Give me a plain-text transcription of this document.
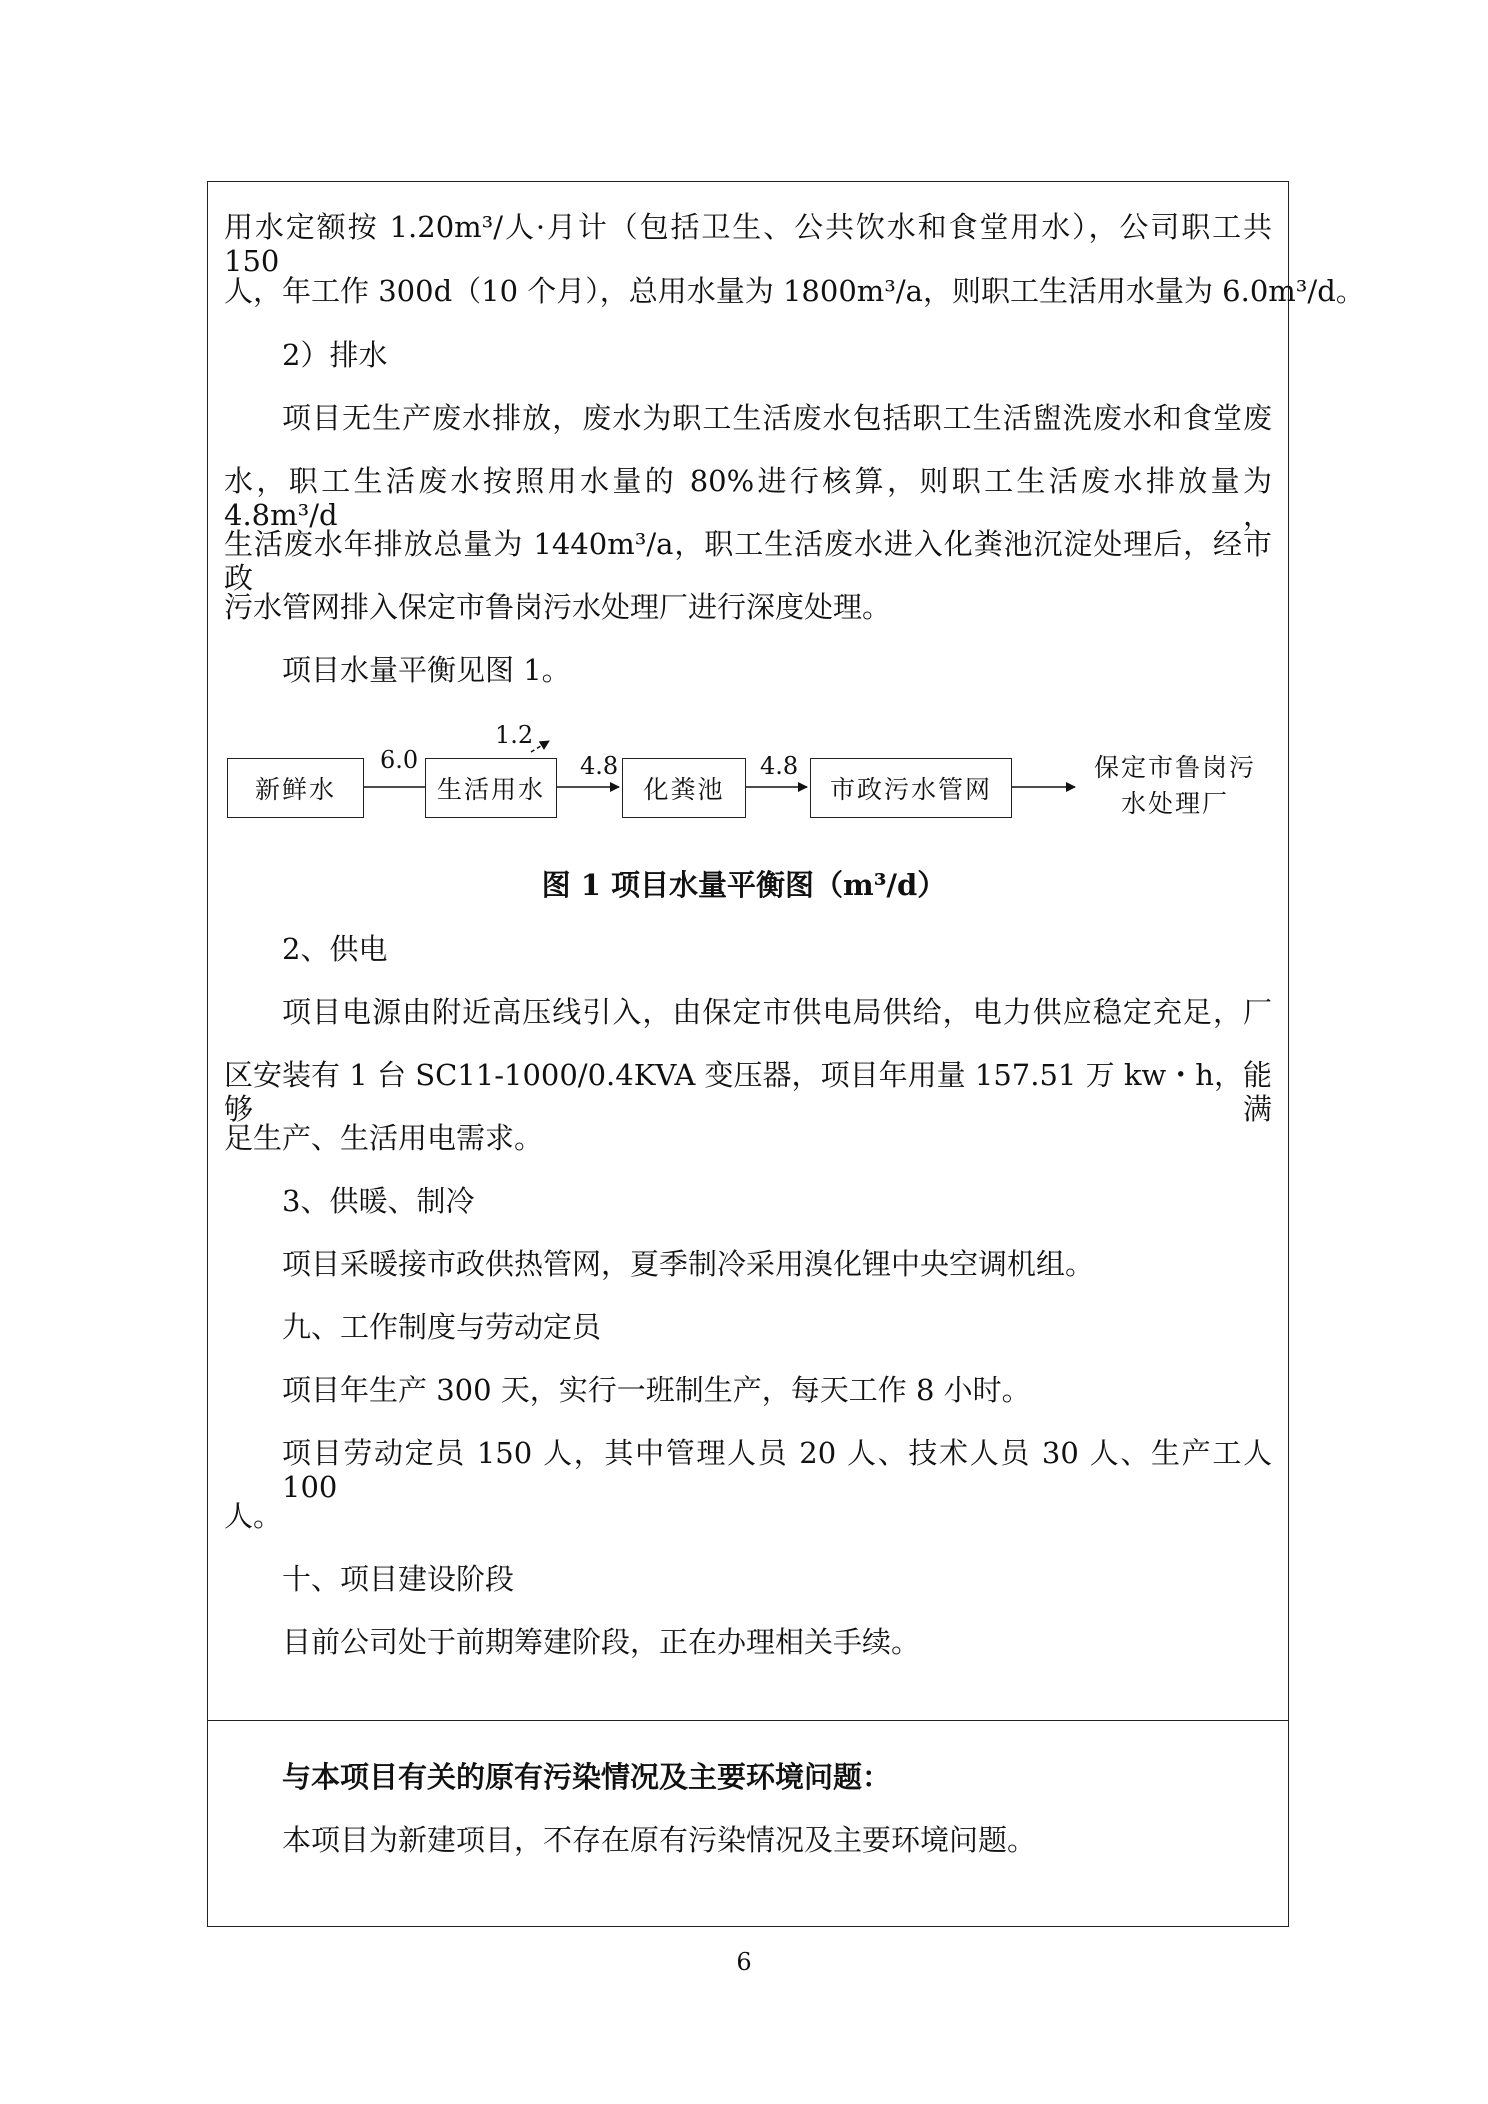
用水定额按 1.20m³/人·月计（包括卫生、公共饮水和食堂用水），公司职工共 150
人，年工作 300d（10 个月），总用水量为 1800m³/a，则职工生活用水量为 6.0m³/d。
2）排水
项目无生产废水排放，废水为职工生活废水包括职工生活盥洗废水和食堂废
水，职工生活废水按照用水量的 80%进行核算，则职工生活废水排放量为 4.8m³/d，
生活废水年排放总量为 1440m³/a，职工生活废水进入化粪池沉淀处理后，经市政
污水管网排入保定市鲁岗污水处理厂进行深度处理。
项目水量平衡见图 1。
新鲜水	生活用水	化粪池	市政污水管网
保定市鲁岗污
水处理厂
6.0
1.2
4.8	4.8
图 1 项目水量平衡图（m³/d）
2、供电
项目电源由附近高压线引入，由保定市供电局供给，电力供应稳定充足，厂
区安装有 1 台 SC11-1000/0.4KVA 变压器，项目年用量 157.51 万 kw・h，能够满
足生产、生活用电需求。
3、供暖、制冷
项目采暖接市政供热管网，夏季制冷采用溴化锂中央空调机组。
九、工作制度与劳动定员
项目年生产 300 天，实行一班制生产，每天工作 8 小时。
项目劳动定员 150 人，其中管理人员 20 人、技术人员 30 人、生产工人 100
人。
十、项目建设阶段
目前公司处于前期筹建阶段，正在办理相关手续。
与本项目有关的原有污染情况及主要环境问题：
本项目为新建项目，不存在原有污染情况及主要环境问题。
6
